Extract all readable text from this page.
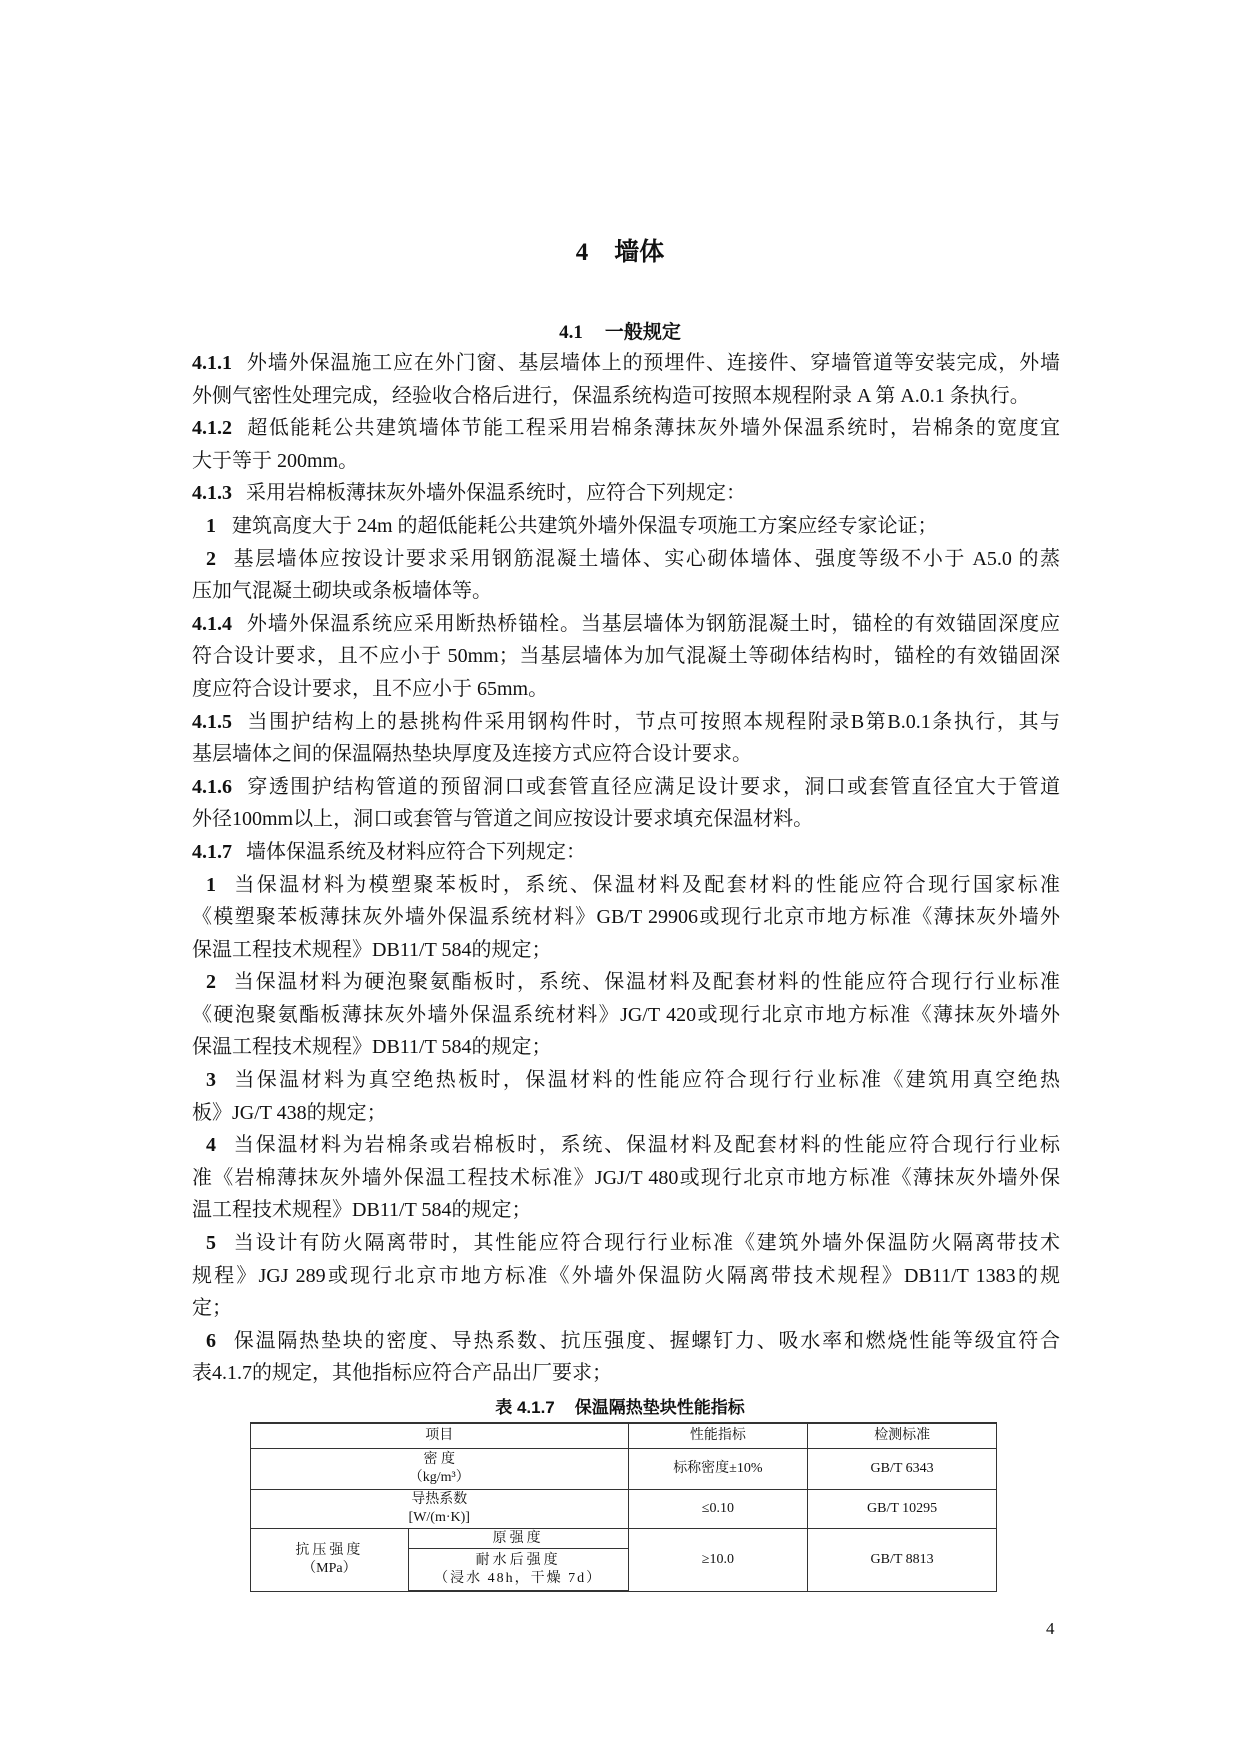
4 墙体
4.1 一般规定
4.1.1 外墙外保温施工应在外门窗、基层墙体上的预埋件、连接件、穿墙管道等安装完成，外墙
外侧气密性处理完成，经验收合格后进行，保温系统构造可按照本规程附录 A 第 A.0.1 条执行。
4.1.2 超低能耗公共建筑墙体节能工程采用岩棉条薄抹灰外墙外保温系统时，岩棉条的宽度宜
大于等于 200mm。
4.1.3 采用岩棉板薄抹灰外墙外保温系统时，应符合下列规定：
1 建筑高度大于 24m 的超低能耗公共建筑外墙外保温专项施工方案应经专家论证；
2 基层墙体应按设计要求采用钢筋混凝土墙体、实心砌体墙体、强度等级不小于 A5.0 的蒸
压加气混凝土砌块或条板墙体等。
4.1.4 外墙外保温系统应采用断热桥锚栓。当基层墙体为钢筋混凝土时，锚栓的有效锚固深度应
符合设计要求，且不应小于 50mm；当基层墙体为加气混凝土等砌体结构时，锚栓的有效锚固深
度应符合设计要求，且不应小于 65mm。
4.1.5 当围护结构上的悬挑构件采用钢构件时，节点可按照本规程附录B第B.0.1条执行，其与
基层墙体之间的保温隔热垫块厚度及连接方式应符合设计要求。
4.1.6 穿透围护结构管道的预留洞口或套管直径应满足设计要求，洞口或套管直径宜大于管道
外径100mm以上，洞口或套管与管道之间应按设计要求填充保温材料。
4.1.7 墙体保温系统及材料应符合下列规定：
1 当保温材料为模塑聚苯板时，系统、保温材料及配套材料的性能应符合现行国家标准
《模塑聚苯板薄抹灰外墙外保温系统材料》GB/T 29906或现行北京市地方标准《薄抹灰外墙外
保温工程技术规程》DB11/T 584的规定；
2 当保温材料为硬泡聚氨酯板时，系统、保温材料及配套材料的性能应符合现行行业标准
《硬泡聚氨酯板薄抹灰外墙外保温系统材料》JG/T 420或现行北京市地方标准《薄抹灰外墙外
保温工程技术规程》DB11/T 584的规定；
3 当保温材料为真空绝热板时，保温材料的性能应符合现行行业标准《建筑用真空绝热
板》JG/T 438的规定；
4 当保温材料为岩棉条或岩棉板时，系统、保温材料及配套材料的性能应符合现行行业标
准《岩棉薄抹灰外墙外保温工程技术标准》JGJ/T 480或现行北京市地方标准《薄抹灰外墙外保
温工程技术规程》DB11/T 584的规定；
5 当设计有防火隔离带时，其性能应符合现行行业标准《建筑外墙外保温防火隔离带技术
规程》JGJ 289或现行北京市地方标准《外墙外保温防火隔离带技术规程》DB11/T 1383的规
定；
6 保温隔热垫块的密度、导热系数、抗压强度、握螺钉力、吸水率和燃烧性能等级宜符合
表4.1.7的规定，其他指标应符合产品出厂要求；
表 4.1.7 保温隔热垫块性能指标
项目		性能指标	检测标准

密 度
（kg/m³）		标称密度±10%	GB/T 6343

导热系数
[W/(m·K)]		≤0.10	GB/T 10295

抗压强度
（MPa）	原强度	≥10.0	GB/T 8813

	耐水后强度
（浸水 48h，干燥 7d）		
4
